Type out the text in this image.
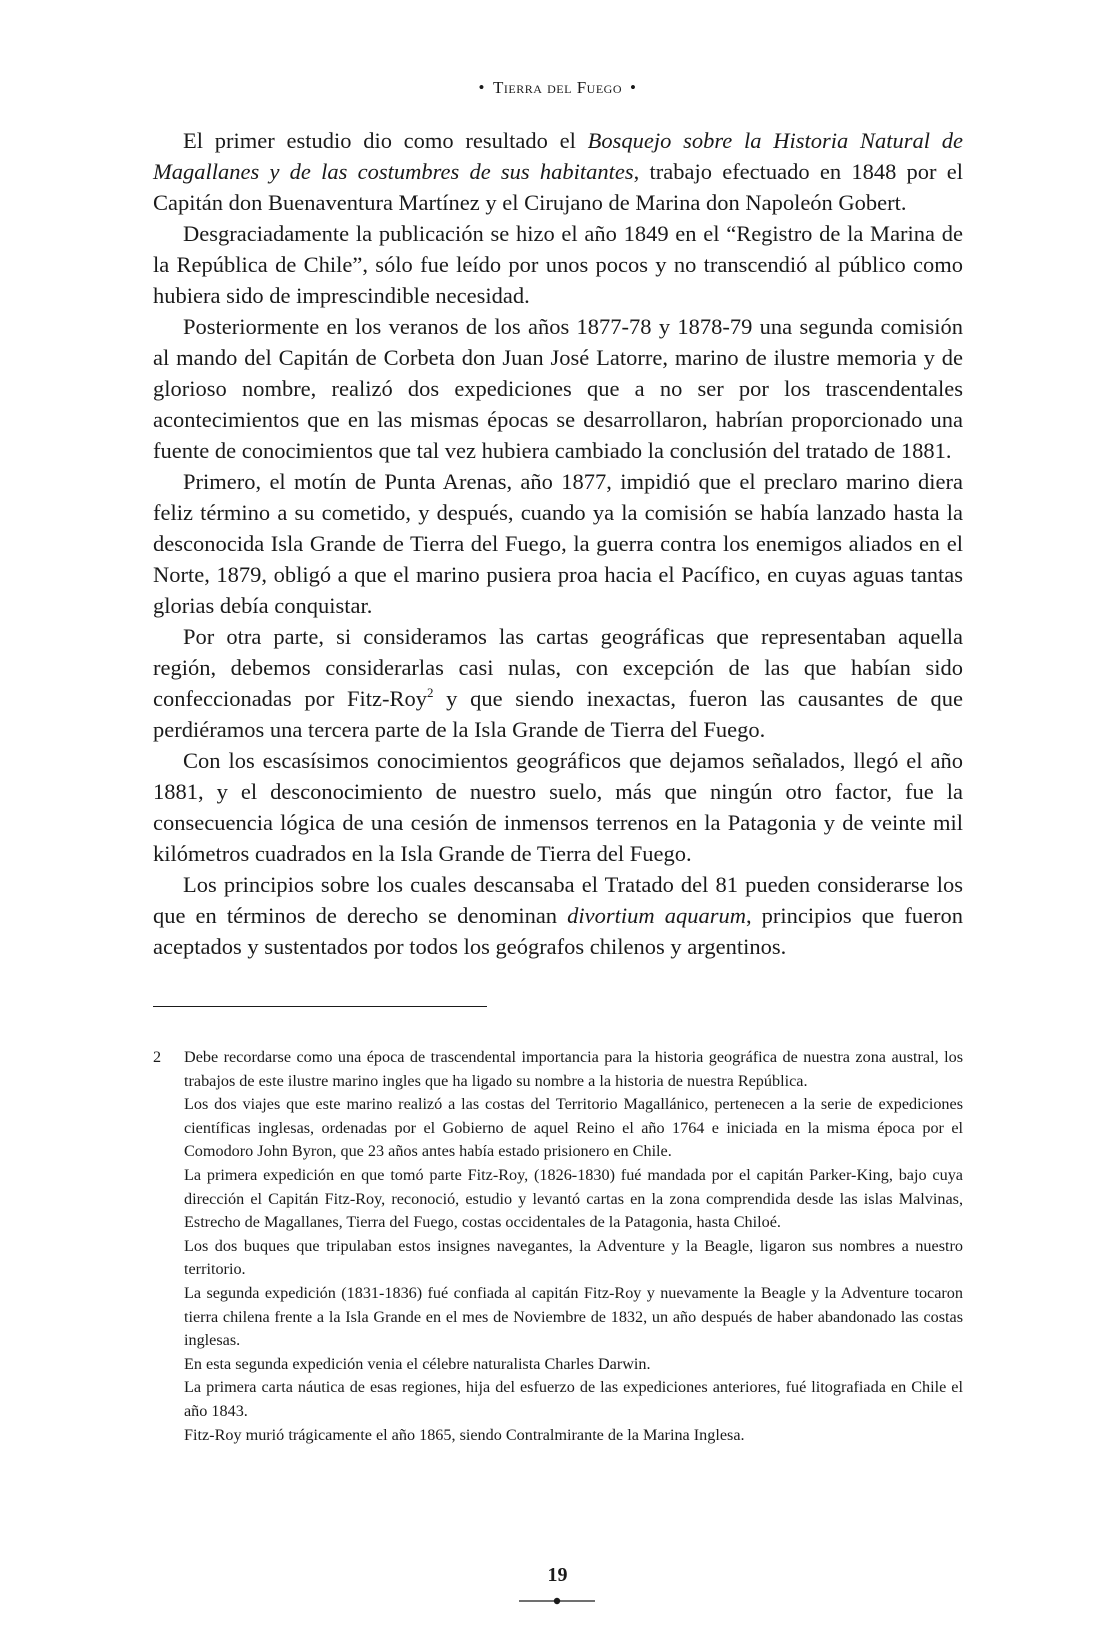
• Tierra del Fuego •

El primer estudio dio como resultado el Bosquejo sobre la Historia Natural de Magallanes y de las costumbres de sus habitantes, trabajo efectuado en 1848 por el Capitán don Buenaventura Martínez y el Cirujano de Marina don Napoleón Gobert.

Desgraciadamente la publicación se hizo el año 1849 en el “Registro de la Marina de la República de Chile”, sólo fue leído por unos pocos y no transcendió al público como hubiera sido de imprescindible necesidad.

Posteriormente en los veranos de los años 1877-78 y 1878-79 una segunda comisión al mando del Capitán de Corbeta don Juan José Latorre, marino de ilustre memoria y de glorioso nombre, realizó dos expediciones que a no ser por los trascendentales acontecimientos que en las mismas épocas se desarrollaron, habrían proporcionado una fuente de conocimientos que tal vez hubiera cambiado la conclusión del tratado de 1881.

Primero, el motín de Punta Arenas, año 1877, impidió que el preclaro marino diera feliz término a su cometido, y después, cuando ya la comisión se había lanzado hasta la desconocida Isla Grande de Tierra del Fuego, la guerra contra los enemigos aliados en el Norte, 1879, obligó a que el marino pusiera proa hacia el Pacífico, en cuyas aguas tantas glorias debía conquistar.

Por otra parte, si consideramos las cartas geográficas que representaban aquella región, debemos considerarlas casi nulas, con excepción de las que habían sido confeccionadas por Fitz-Roy$^2$ y que siendo inexactas, fueron las causantes de que perdiéramos una tercera parte de la Isla Grande de Tierra del Fuego.

Con los escasísimos conocimientos geográficos que dejamos señalados, llegó el año 1881, y el desconocimiento de nuestro suelo, más que ningún otro factor, fue la consecuencia lógica de una cesión de inmensos terrenos en la Patagonia y de veinte mil kilómetros cuadrados en la Isla Grande de Tierra del Fuego.

Los principios sobre los cuales descansaba el Tratado del 81 pueden considerarse los que en términos de derecho se denominan divortium aquarum, principios que fueron aceptados y sustentados por todos los geógrafos chilenos y argentinos.

2 Debe recordarse como una época de trascendental importancia para la historia geográfica de nuestra zona austral, los trabajos de este ilustre marino ingles que ha ligado su nombre a la historia de nuestra República.

Los dos viajes que este marino realizó a las costas del Territorio Magallánico, pertenecen a la serie de expediciones científicas inglesas, ordenadas por el Gobierno de aquel Reino el año 1764 e iniciada en la misma época por el Comodoro John Byron, que 23 años antes había estado prisionero en Chile.

La primera expedición en que tomó parte Fitz-Roy, (1826-1830) fué mandada por el capitán Parker-King, bajo cuya dirección el Capitán Fitz-Roy, reconoció, estudio y levantó cartas en la zona comprendida desde las islas Malvinas, Estrecho de Magallanes, Tierra del Fuego, costas occidentales de la Patagonia, hasta Chiloé.

Los dos buques que tripulaban estos insignes navegantes, la Adventure y la Beagle, ligaron sus nombres a nuestro territorio.

La segunda expedición (1831-1836) fué confiada al capitán Fitz-Roy y nuevamente la Beagle y la Adventure tocaron tierra chilena frente a la Isla Grande en el mes de Noviembre de 1832, un año después de haber abandonado las costas inglesas.

En esta segunda expedición venia el célebre naturalista Charles Darwin.

La primera carta náutica de esas regiones, hija del esfuerzo de las expediciones anteriores, fué litografiada en Chile el año 1843.

Fitz-Roy murió trágicamente el año 1865, siendo Contralmirante de la Marina Inglesa.

19
